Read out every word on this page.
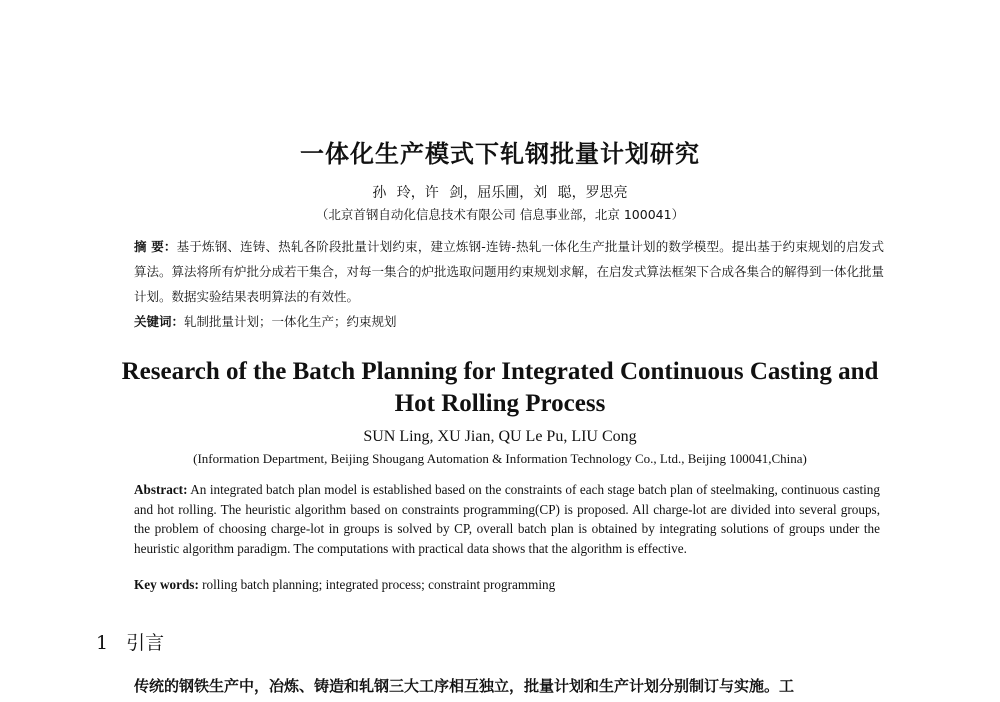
一体化生产模式下轧钢批量计划研究
孙 玲，许 剑，屈乐圃，刘 聪，罗思亮
（北京首钢自动化信息技术有限公司 信息事业部，北京 100041）
摘 要：基于炼钢、连铸、热轧各阶段批量计划约束，建立炼钢-连铸-热轧一体化生产批量计划的数学模型。提出基于约束规划的启发式算法。算法将所有炉批分成若干集合，对每一集合的炉批选取问题用约束规划求解，在启发式算法框架下合成各集合的解得到一体化批量计划。数据实验结果表明算法的有效性。
关键词：轧制批量计划；一体化生产；约束规划
Research of the Batch Planning for Integrated Continuous Casting and Hot Rolling Process
SUN Ling, XU Jian, QU Le Pu, LIU Cong
(Information Department, Beijing Shougang Automation & Information Technology Co., Ltd., Beijing 100041,China)
Abstract: An integrated batch plan model is established based on the constraints of each stage batch plan of steelmaking, continuous casting and hot rolling. The heuristic algorithm based on constraints programming(CP) is proposed. All charge-lot are divided into several groups, the problem of choosing charge-lot in groups is solved by CP, overall batch plan is obtained by integrating solutions of groups under the heuristic algorithm paradigm. The computations with practical data shows that the algorithm is effective.
Key words: rolling batch planning; integrated process; constraint programming
1 引言
传统的钢铁生产中，冶炼、铸造和轧钢三大工序相互独立，批量计划和生产计划分别制订与实施。工
